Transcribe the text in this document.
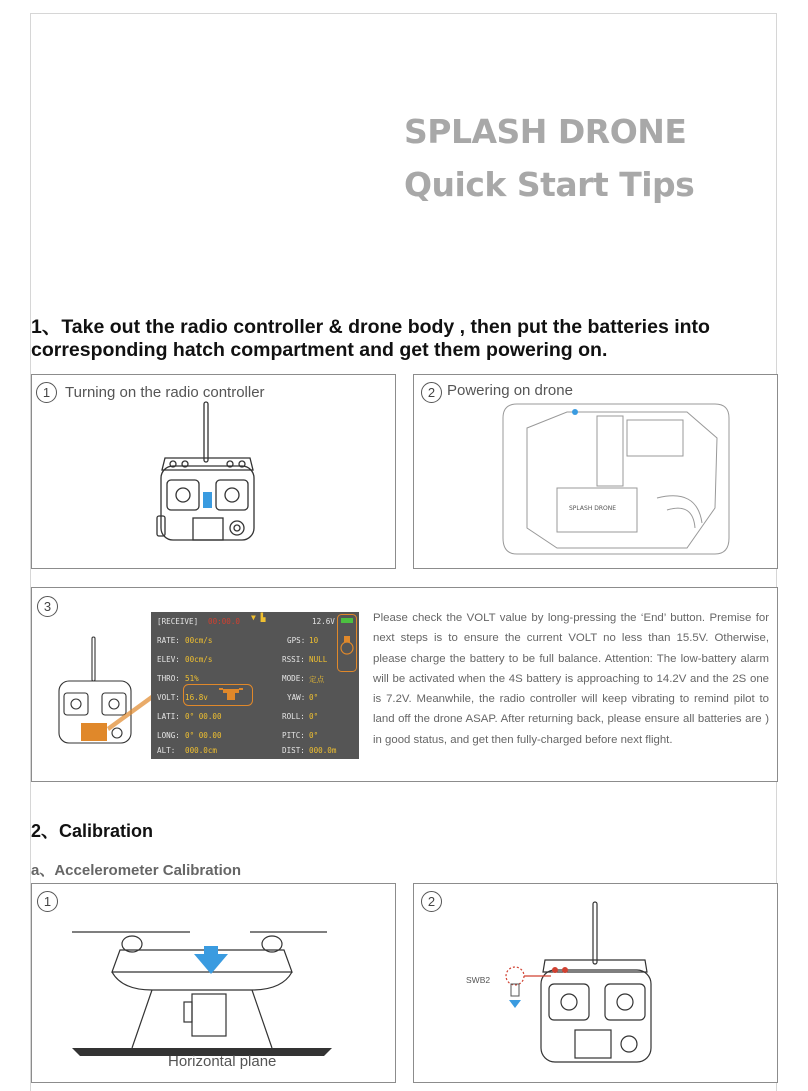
SPLASH DRONE
Quick Start Tips
1、Take out the radio controller & drone body , then put the batteries into
corresponding hatch compartment and get them powering on.
1 Turning on the radio controller	2 Powering on drone
SPLASH DRONE
3
[RECEIVE] 00:00.0 ▼ ▙	12.6V
RATE: 00cm/s
ELEV: 00cm/s
THRO: 51%
VOLT: 16.8v
LATI: 0° 00.00
LONG: 0° 00.00
ALT: 000.0cm
GPS: 10
RSSI: NULL
MODE: 定点
YAW: 0°
ROLL: 0°
PITC: 0°
DIST: 000.0m
Please check the VOLT value by long-pressing the ‘End’ button. Premise for next steps is to ensure the current VOLT no less than 15.5V. Otherwise, please charge the battery to be full balance. Attention: The low-battery alarm will be activated when the 4S battery is approaching to 14.2V and the 2S one is 7.2V. Meanwhile, the radio controller will keep vibrating to remind pilot to land off the drone ASAP. After returning back, please ensure all batteries are ) in good status, and get then fully-charged before next flight.
2、Calibration
a、Accelerometer Calibration
1
Horizontal plane
2
SWB2
